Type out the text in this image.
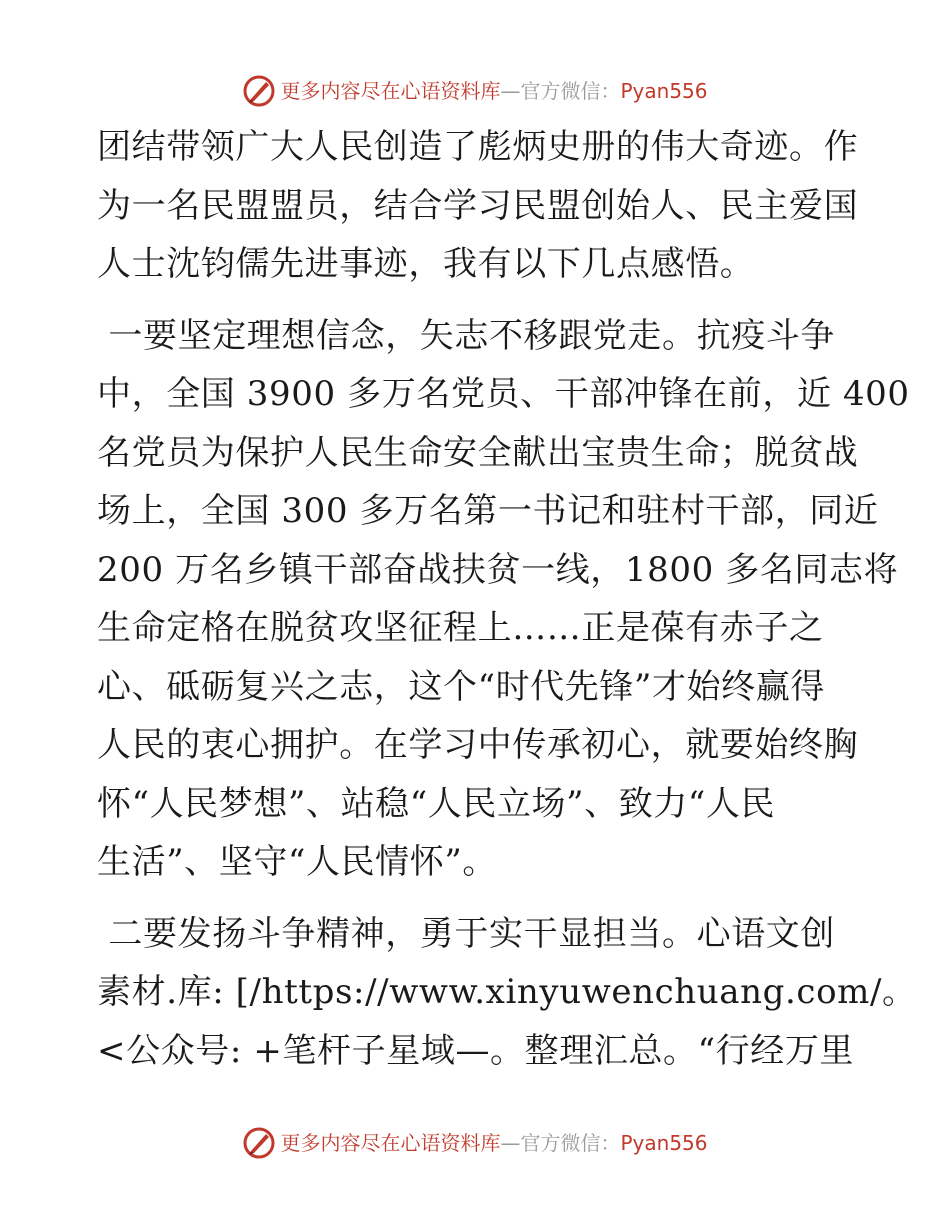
更多内容尽在心语资料库—官方微信：Pyan556

团结带领广大人民创造了彪炳史册的伟大奇迹。作
为一名民盟盟员，结合学习民盟创始人、民主爱国
人士沈钧儒先进事迹，我有以下几点感悟。

一要坚定理想信念，矢志不移跟党走。抗疫斗争
中，全国 3900 多万名党员、干部冲锋在前，近 400
名党员为保护人民生命安全献出宝贵生命；脱贫战
场上，全国 300 多万名第一书记和驻村干部，同近
200 万名乡镇干部奋战扶贫一线，1800 多名同志将
生命定格在脱贫攻坚征程上……正是葆有赤子之
心、砥砺复兴之志，这个“时代先锋”才始终赢得
人民的衷心拥护。在学习中传承初心，就要始终胸
怀“人民梦想”、站稳“人民立场”、致力“人民
生活”、坚守“人民情怀”。

二要发扬斗争精神，勇于实干显担当。心语文创
素材.库: [/https://www.xinyuwenchuang.com/。
<公众号: +笔杆子星域—。整理汇总。“行经万里

更多内容尽在心语资料库—官方微信：Pyan556
